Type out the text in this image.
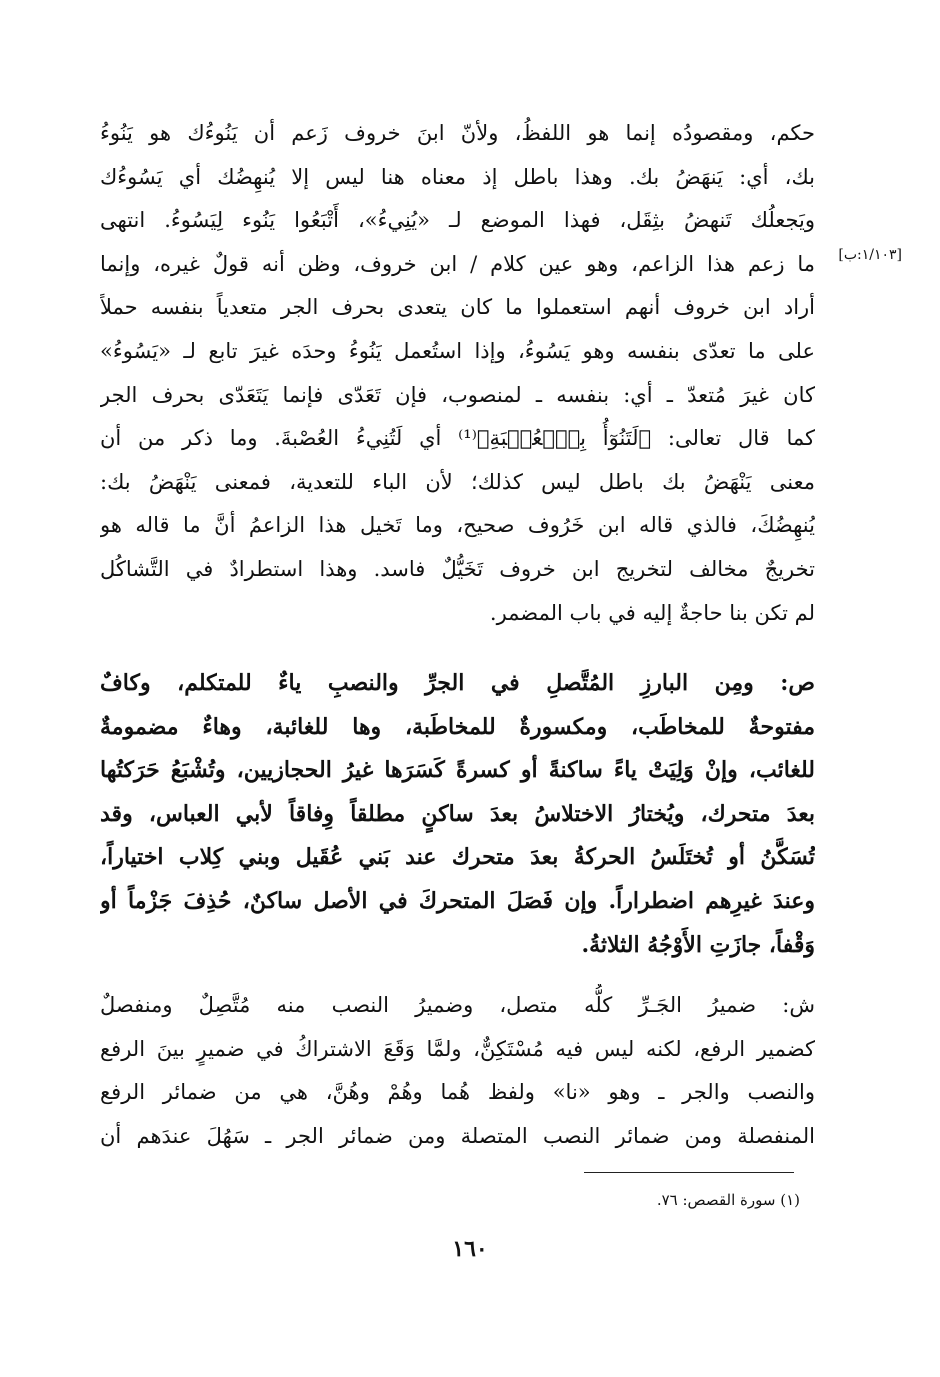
[١/١٠٣:ب]
حكم، ومقصودُه إنما هو اللفظُ، ولأنّ ابنَ خروف زَعم أن يَنُوءُك هو يَنُوءُ
بك، أي: يَنهَضُ بك. وهذا باطل إذ معناه هنا ليس إلا يُنهِضُك أي يَسُوءُك
ويَجعلُك تَنهضُ بثِقَل، فهذا الموضع لـ «يُنِيءُ»، أَتْبَعُوا يَنُوء لِيَسُوءُ. انتهى
ما زعم هذا الزاعم، وهو عين كلام / ابن خروف، وظن أنه قولٌ غيره، وإنما
أراد ابن خروف أنهم استعملوا ما كان يتعدى بحرف الجر متعدياً بنفسه حملاً
على ما تعدّى بنفسه وهو يَسُوءُ، وإذا استُعمل يَنُوءُ وحدَه غيرَ تابع لـ «يَسُوءُ»
كان غيرَ مُتعدّ ـ أي: بنفسه ـ لمنصوب، فإن تَعَدّى فإنما يَتَعَدّى بحرف الجر
كما قال تعالى: ﴿لَتَنُوٓأُ بِٱلۡعُصۡبَةِ﴾⁽¹⁾ أي لَتُنِيءُ العُصْبةَ. وما ذكر من أن
معنى يَنْهَضُ بك باطل ليس كذلك؛ لأن الباء للتعدية، فمعنى يَنْهَضُ بك:
يُنهِضُكَ، فالذي قاله ابن خَرُوف صحيح، وما تَخيل هذا الزاعمُ أنَّ ما قاله هو
تخريجٌ مخالف لتخريج ابن خروف تَخَيُّلٌ فاسد. وهذا استطرادٌ في التَّشاكُل
لم تكن بنا حاجةٌ إليه في باب المضمر.
ص: ومِن البارزِ المُتَّصلِ في الجرِّ والنصبِ ياءٌ للمتكلم، وكافٌ
مفتوحةٌ للمخاطَب، ومكسورةٌ للمخاطَبة، وها للغائبة، وهاءٌ مضمومةٌ
للغائب، وإنْ وَلِيَتْ ياءً ساكنةً أو كسرةً كَسَرَها غيرُ الحجازيين، وتُشْبَعُ حَرَكتُها
بعدَ متحرك، ويُختارُ الاختلاسُ بعدَ ساكنٍ مطلقاً وِفاقاً لأبي العباس، وقد
تُسَكَّنُ أو تُختَلَسُ الحركةُ بعدَ متحرك عند بَني عُقَيل وبني كِلاب اختياراً،
وعندَ غيرِهم اضطراراً. وإن فَصَلَ المتحركَ في الأصل ساكنٌ، حُذِفَ جَزْماً أو
وَقْفاً، جازَتِ الأَوْجُهُ الثلاثةُ.
ش: ضميرُ الجَـرِّ كلُّه متصل، وضميرُ النصب منه مُتَّصِلٌ ومنفصلٌ
كضمير الرفع، لكنه ليس فيه مُسْتَكِنٌّ، ولمَّا وَقَعَ الاشتراكُ في ضميرٍ بينَ الرفع
والنصب والجر ـ وهو «نا» ولفظ هُما وهُمْ وهُنَّ، هي من ضمائر الرفع
المنفصلة ومن ضمائر النصب المتصلة ومن ضمائر الجر ـ سَهُلَ عندَهم أن
(١) سورة القصص: ٧٦.
١٦٠
